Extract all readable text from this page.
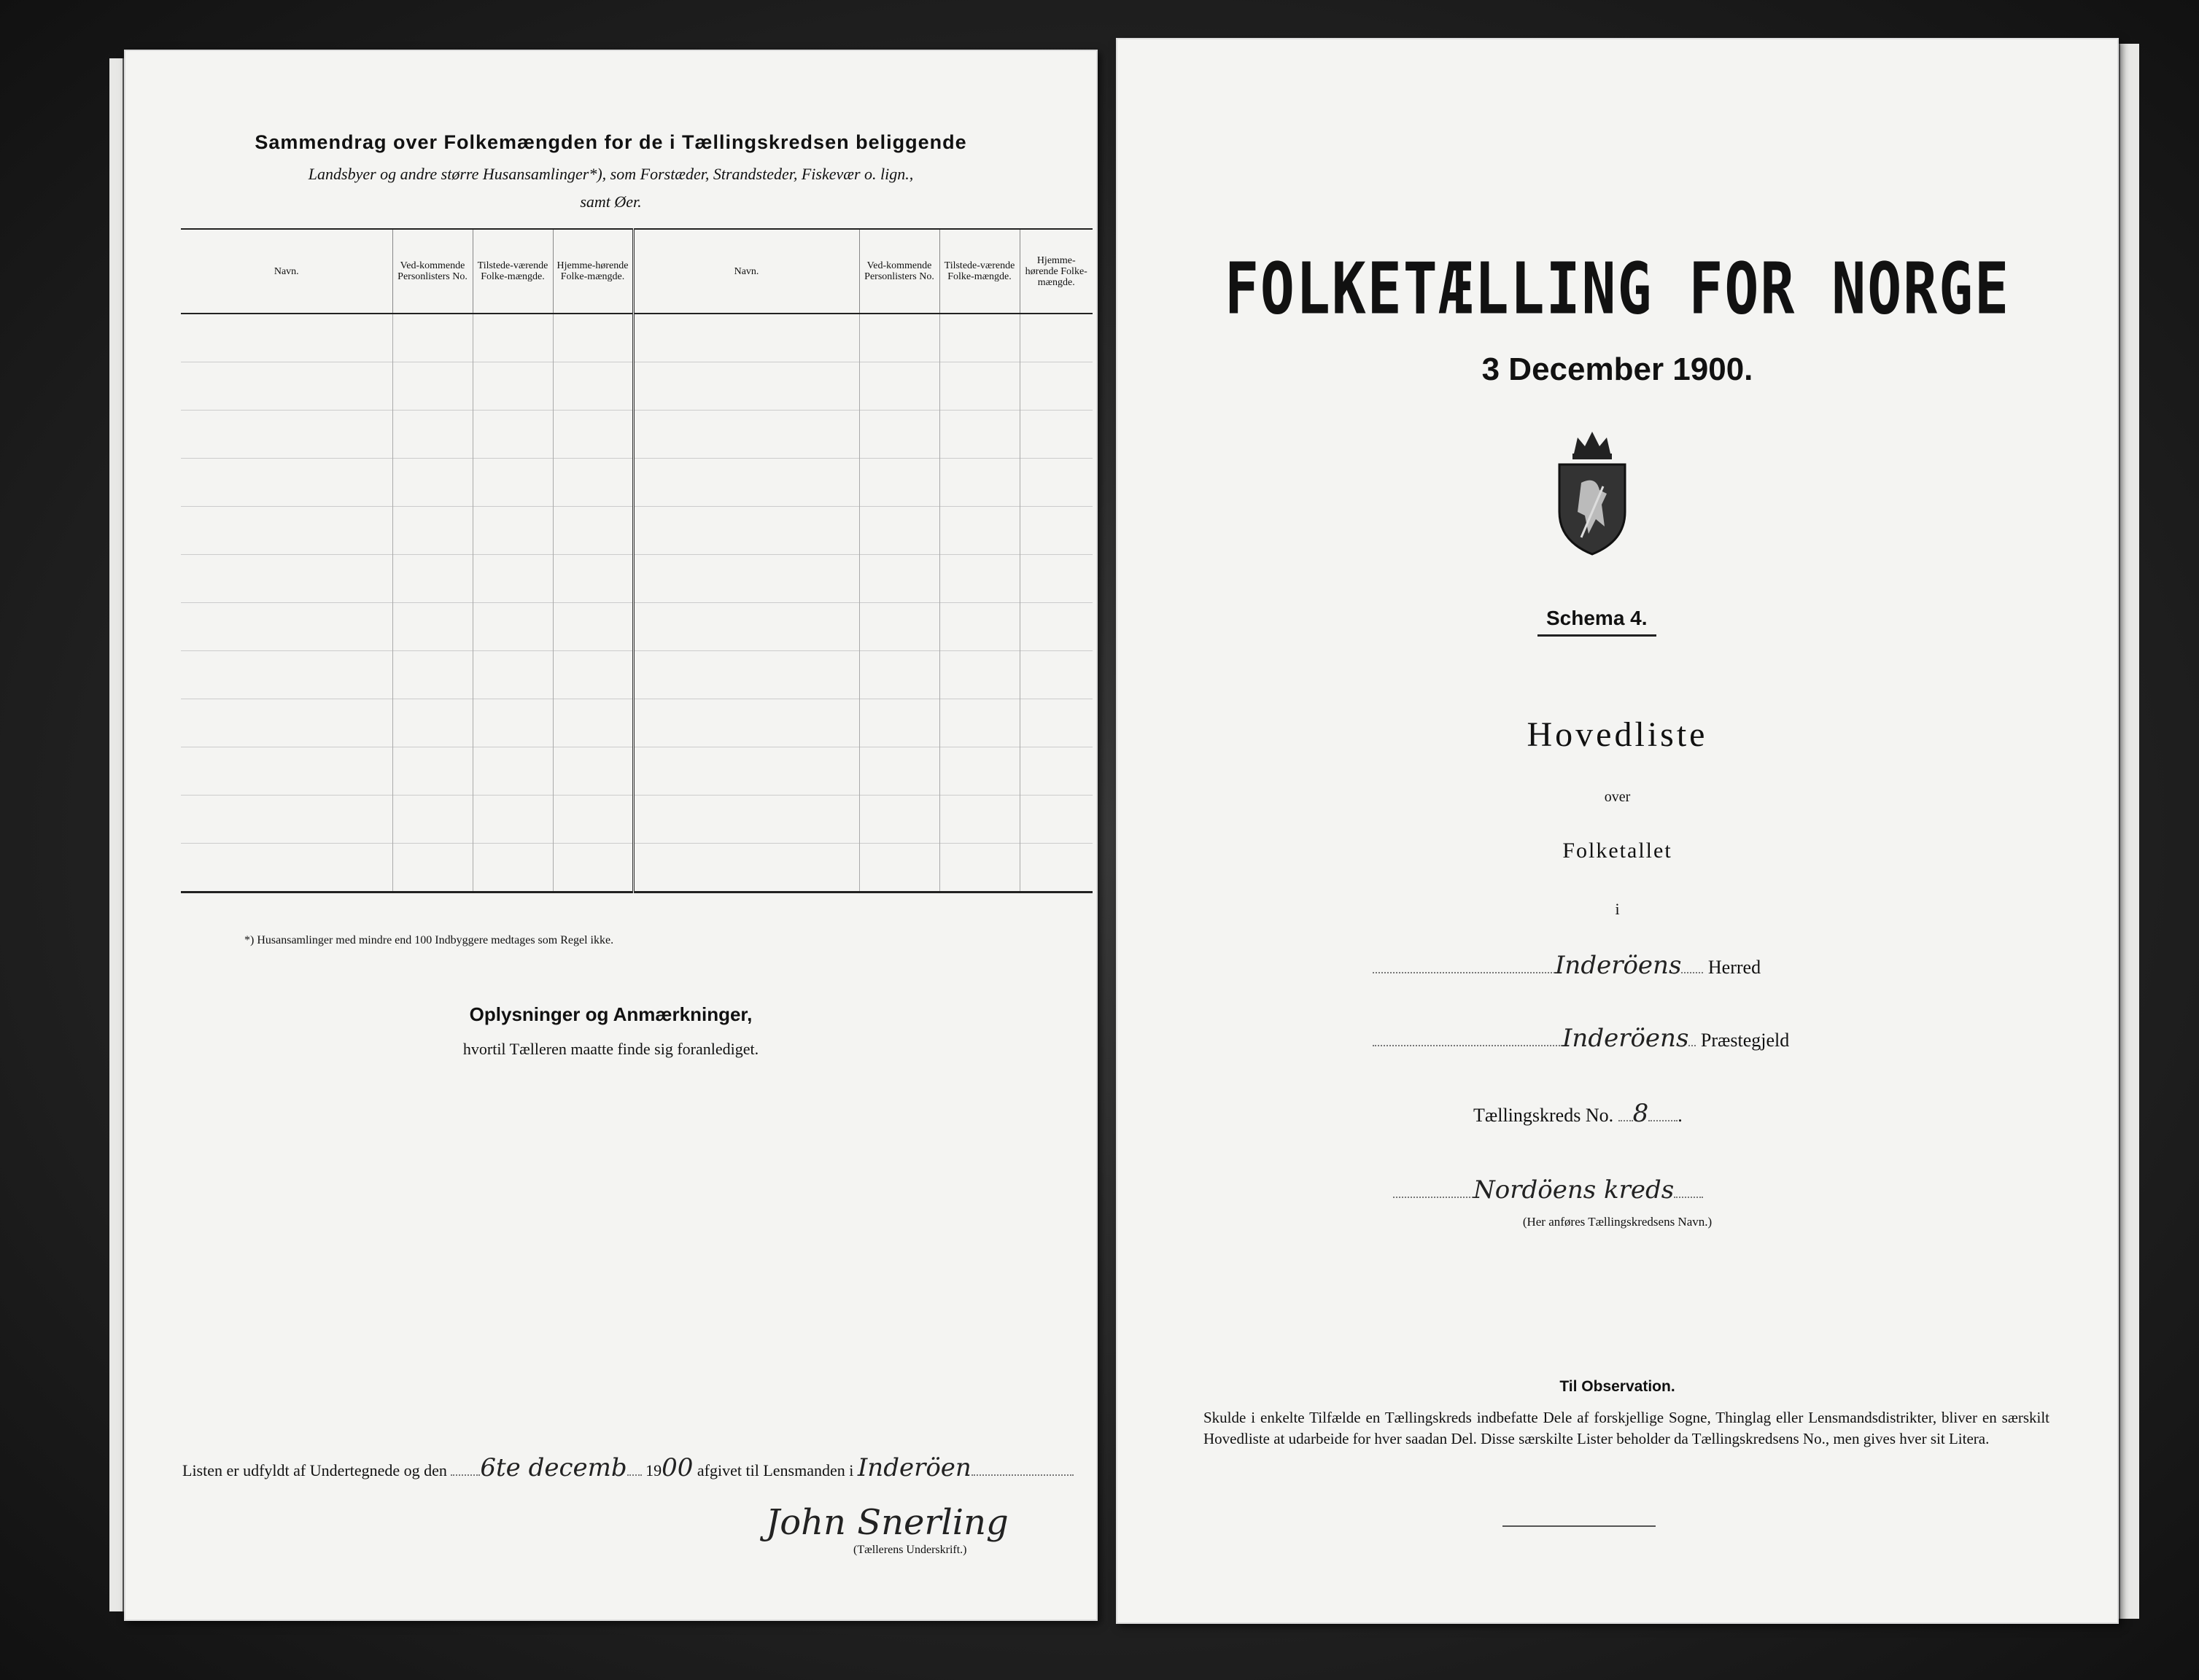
Sammendrag over Folkemængden for de i Tællingskredsen beliggende
Landsbyer og andre større Husansamlinger*), som Forstæder, Strandsteder, Fiskevær o. lign.,
samt Øer.
Navn.	Ved-kommende Personlisters No.	Tilstede-værende Folke-mængde.	Hjemme-hørende Folke-mængde.	Navn.	Ved-kommende Personlisters No.	Tilstede-værende Folke-mængde.	Hjemme-hørende Folke-mængde.

*) Husansamlinger med mindre end 100 Indbyggere medtages som Regel ikke.
Oplysninger og Anmærkninger,
hvortil Tælleren maatte finde sig foranlediget.
Listen er udfyldt af Undertegnede og den 6te decemb 1900 afgivet til Lensmanden i Inderöen
John Snerling
(Tællerens Underskrift.)
FOLKETÆLLING FOR NORGE
3 December 1900.
Schema 4.
Hovedliste
over
Folketallet
i
Inderöens Herred
Inderöens Præstegjeld
Tællingskreds No. 8 .
Nordöens kreds
(Her anføres Tællingskredsens Navn.)
Til Observation.
Skulde i enkelte Tilfælde en Tællingskreds indbefatte Dele af forskjellige Sogne, Thinglag eller Lensmandsdistrikter, bliver en særskilt Hovedliste at udarbeide for hver saadan Del. Disse særskilte Lister beholder da Tællingskredsens No., men gives hver sit Litera.
